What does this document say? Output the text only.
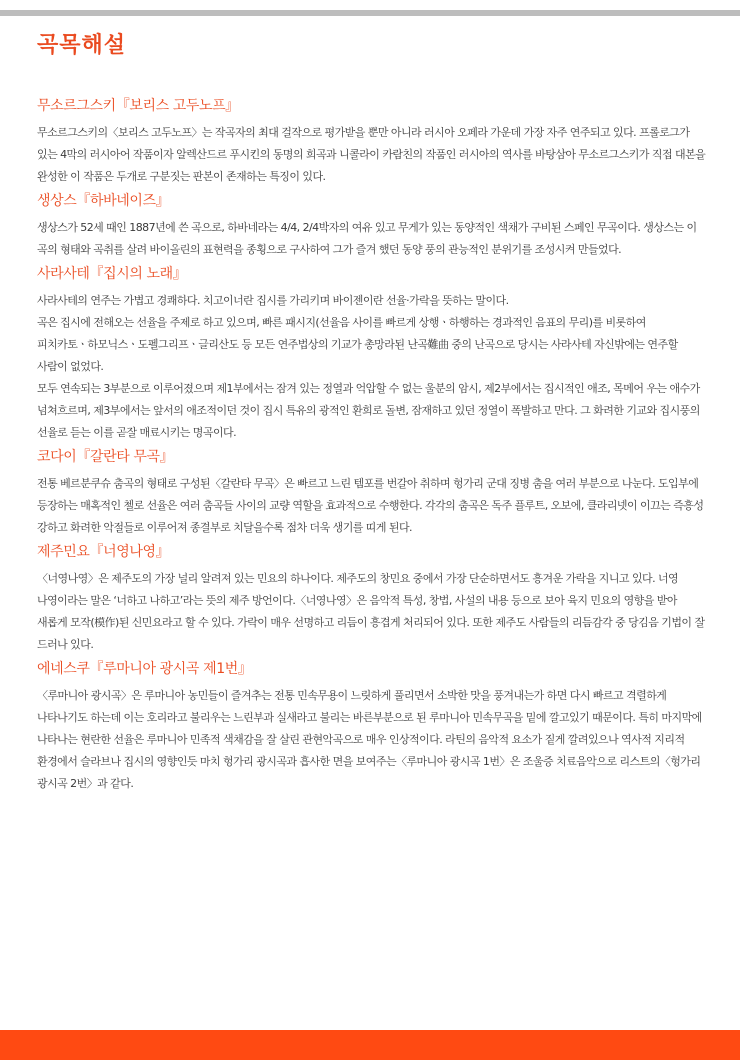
곡목해설
무소르그스키『보리스 고두노프』

무소르그스키의〈보리스 고두노프〉는 작곡자의 최대 걸작으로 평가받을 뿐만 아니라 러시아 오페라 가운데 가장 자주 연주되고 있다. 프롤로그가 있는 4막의 러시아어 작품이자 알렉산드르 푸시킨의 동명의 희곡과 니콜라이 카람친의 작품인 러시아의 역사를 바탕삼아 무소르그스키가 직접 대본을 완성한 이 작품은 두개로 구분짓는 판본이 존재하는 특징이 있다.

생상스『하바네이즈』

생상스가 52세 때인 1887년에 쓴 곡으로, 하바네라는 4/4, 2/4박자의 여유 있고 무게가 있는 동양적인 색채가 구비된 스페인 무곡이다. 생상스는 이 곡의 형태와 곡취를 살려 바이올린의 표현력을 종횡으로 구사하여 그가 즐겨 했던 동양 풍의 관능적인 분위기를 조성시켜 만들었다.

사라사테『집시의 노래』

사라사테의 연주는 가볍고 경쾌하다. 치고이너란 집시를 가리키며 바이젠이란 선율·가락을 뜻하는 말이다.

곡은 집시에 전해오는 선율을 주제로 하고 있으며, 빠른 패시지(선율음 사이를 빠르게 상행ㆍ하행하는 경과적인 음표의 무리)를 비롯하여 피치카토ㆍ하모닉스ㆍ도펠그리프ㆍ글리산도 등 모든 연주법상의 기교가 총망라된 난곡難曲 중의 난곡으로 당시는 사라사테 자신밖에는 연주할 사람이 없었다.

모두 연속되는 3부분으로 이루어졌으며 제1부에서는 잠겨 있는 정열과 억압할 수 없는 울분의 암시, 제2부에서는 집시적인 애조, 목메어 우는 애수가 넘쳐흐르며, 제3부에서는 앞서의 애조적이던 것이 집시 특유의 광적인 환희로 돌변, 잠재하고 있던 정열이 폭발하고 만다. 그 화려한 기교와 집시풍의 선율로 듣는 이를 곧잘 매료시키는 명곡이다.

코다이『갈란타 무곡』

전통 베르분쿠슈 춤곡의 형태로 구성된〈갈란타 무곡〉은 빠르고 느린 템포를 번갈아 취하며 헝가리 군대 징병 춤을 여러 부분으로 나눈다. 도입부에 등장하는 매혹적인 첼로 선율은 여러 춤곡들 사이의 교량 역할을 효과적으로 수행한다. 각각의 춤곡은 독주 플루트, 오보에, 클라리넷이 이끄는 즉흥성 강하고 화려한 악절들로 이루어져 종결부로 치달을수록 점차 더욱 생기를 띠게 된다.

제주민요『너영나영』

〈너영나영〉은 제주도의 가장 널리 알려져 있는 민요의 하나이다. 제주도의 창민요 중에서 가장 단순하면서도 흥겨운 가락을 지니고 있다. 너영 나영이라는 말은 ‘너하고 나하고’라는 뜻의 제주 방언이다.〈너영나영〉은 음악적 특성, 창법, 사설의 내용 등으로 보아 육지 민요의 영향을 받아 새롭게 모작(模作)된 신민요라고 할 수 있다. 가락이 매우 선명하고 리듬이 흥겹게 처리되어 있다. 또한 제주도 사람들의 리듬감각 중 당김음 기법이 잘 드러나 있다.

에네스쿠『루마니아 광시곡 제1번』

〈루마니아 광시곡〉은 루마니아 농민들이 즐겨추는 전통 민속무용이 느릿하게 풀리면서 소박한 맛을 풍겨내는가 하면 다시 빠르고 격렬하게 나타나기도 하는데 이는 호리라고 불리우는 느린부과 실새라고 불리는 바른부분으로 된 루마니아 민속무곡을 밑에 깔고있기 때문이다. 특히 마지막에 나타나는 현란한 선율은 루마니아 민족적 색채감을 잘 살린 관현악곡으로 매우 인상적이다. 라틴의 음악적 요소가 짙게 깔려있으나 역사적 지리적 환경에서 슬라브나 집시의 영향인듯 마치 헝가리 광시곡과 흡사한 면을 보여주는〈루마니아 광시곡 1번〉은 조울증 치료음악으로 리스트의〈헝가리 광시곡 2번〉과 같다.
